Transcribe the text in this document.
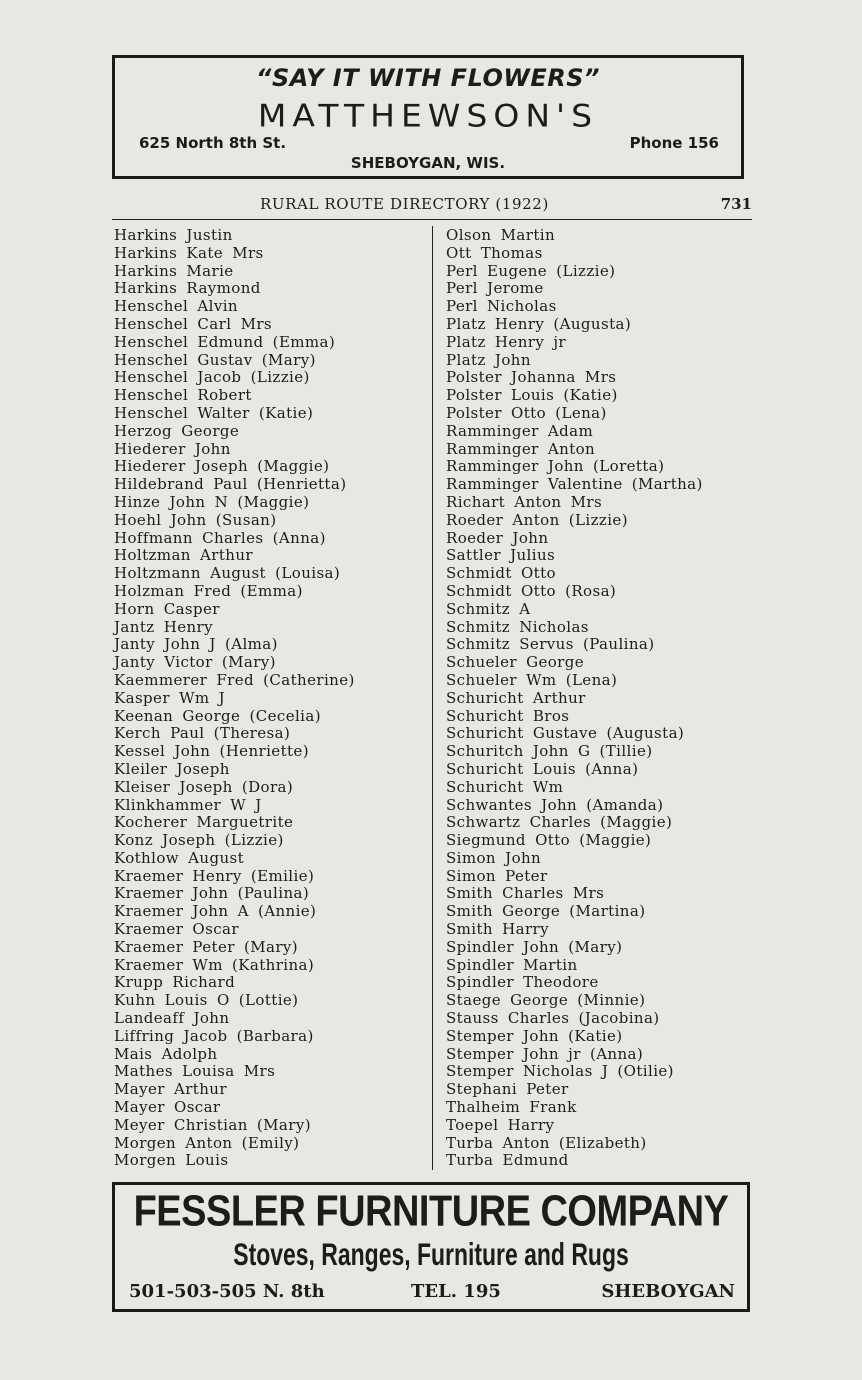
“SAY IT WITH FLOWERS”
MATTHEWSON'S
625 North 8th St.	Phone 156
SHEBOYGAN, WIS.
RURAL ROUTE DIRECTORY (1922)	731
Harkins Justin
Harkins Kate Mrs
Harkins Marie
Harkins Raymond
Henschel Alvin
Henschel Carl Mrs
Henschel Edmund (Emma)
Henschel Gustav (Mary)
Henschel Jacob (Lizzie)
Henschel Robert
Henschel Walter (Katie)
Herzog George
Hiederer John
Hiederer Joseph (Maggie)
Hildebrand Paul (Henrietta)
Hinze John N (Maggie)
Hoehl John (Susan)
Hoffmann Charles (Anna)
Holtzman Arthur
Holtzmann August (Louisa)
Holzman Fred (Emma)
Horn Casper
Jantz Henry
Janty John J (Alma)
Janty Victor (Mary)
Kaemmerer Fred (Catherine)
Kasper Wm J
Keenan George (Cecelia)
Kerch Paul (Theresa)
Kessel John (Henriette)
Kleiler Joseph
Kleiser Joseph (Dora)
Klinkhammer W J
Kocherer Marguetrite
Konz Joseph (Lizzie)
Kothlow August
Kraemer Henry (Emilie)
Kraemer John (Paulina)
Kraemer John A (Annie)
Kraemer Oscar
Kraemer Peter (Mary)
Kraemer Wm (Kathrina)
Krupp Richard
Kuhn Louis O (Lottie)
Landeaff John
Liffring Jacob (Barbara)
Mais Adolph
Mathes Louisa Mrs
Mayer Arthur
Mayer Oscar
Meyer Christian (Mary)
Morgen Anton (Emily)
Morgen Louis
Olson Martin
Ott Thomas
Perl Eugene (Lizzie)
Perl Jerome
Perl Nicholas
Platz Henry (Augusta)
Platz Henry jr
Platz John
Polster Johanna Mrs
Polster Louis (Katie)
Polster Otto (Lena)
Ramminger Adam
Ramminger Anton
Ramminger John (Loretta)
Ramminger Valentine (Martha)
Richart Anton Mrs
Roeder Anton (Lizzie)
Roeder John
Sattler Julius
Schmidt Otto
Schmidt Otto (Rosa)
Schmitz A
Schmitz Nicholas
Schmitz Servus (Paulina)
Schueler George
Schueler Wm (Lena)
Schuricht Arthur
Schuricht Bros
Schuricht Gustave (Augusta)
Schuritch John G (Tillie)
Schuricht Louis (Anna)
Schuricht Wm
Schwantes John (Amanda)
Schwartz Charles (Maggie)
Siegmund Otto (Maggie)
Simon John
Simon Peter
Smith Charles Mrs
Smith George (Martina)
Smith Harry
Spindler John (Mary)
Spindler Martin
Spindler Theodore
Staege George (Minnie)
Stauss Charles (Jacobina)
Stemper John (Katie)
Stemper John jr (Anna)
Stemper Nicholas J (Otilie)
Stephani Peter
Thalheim Frank
Toepel Harry
Turba Anton (Elizabeth)
Turba Edmund
FESSLER FURNITURE COMPANY
Stoves, Ranges, Furniture and Rugs
501-503-505 N. 8th	TEL. 195	SHEBOYGAN
